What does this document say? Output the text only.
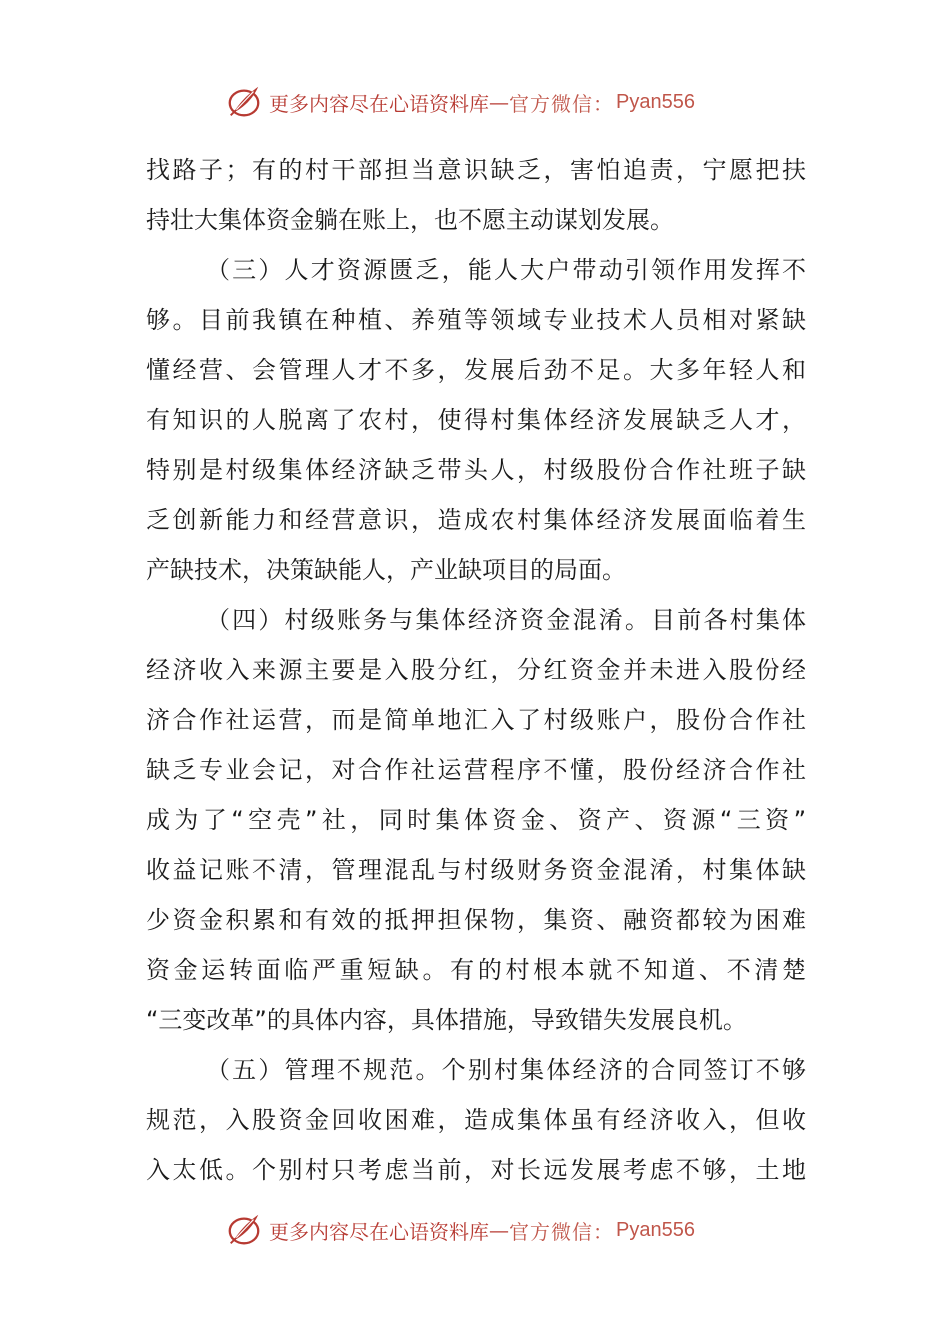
更多内容尽在心语资料库 — 官方微信： Pyan556
找路子；有的村干部担当意识缺乏，害怕追责，宁愿把扶
持壮大集体资金躺在账上，也不愿主动谋划发展。
（三）人才资源匮乏，能人大户带动引领作用发挥不
够。目前我镇在种植、养殖等领域专业技术人员相对紧缺
懂经营、会管理人才不多，发展后劲不足。大多年轻人和
有知识的人脱离了农村，使得村集体经济发展缺乏人才，
特别是村级集体经济缺乏带头人，村级股份合作社班子缺
乏创新能力和经营意识，造成农村集体经济发展面临着生
产缺技术，决策缺能人，产业缺项目的局面。
（四）村级账务与集体经济资金混淆。目前各村集体
经济收入来源主要是入股分红，分红资金并未进入股份经
济合作社运营，而是简单地汇入了村级账户，股份合作社
缺乏专业会记，对合作社运营程序不懂，股份经济合作社
成为了“空壳”社，同时集体资金、资产、资源“三资”
收益记账不清，管理混乱与村级财务资金混淆，村集体缺
少资金积累和有效的抵押担保物，集资、融资都较为困难
资金运转面临严重短缺。有的村根本就不知道、不清楚
“三变改革”的具体内容，具体措施，导致错失发展良机。
（五）管理不规范。个别村集体经济的合同签订不够
规范，入股资金回收困难，造成集体虽有经济收入，但收
入太低。个别村只考虑当前，对长远发展考虑不够，土地
更多内容尽在心语资料库 — 官方微信： Pyan556
